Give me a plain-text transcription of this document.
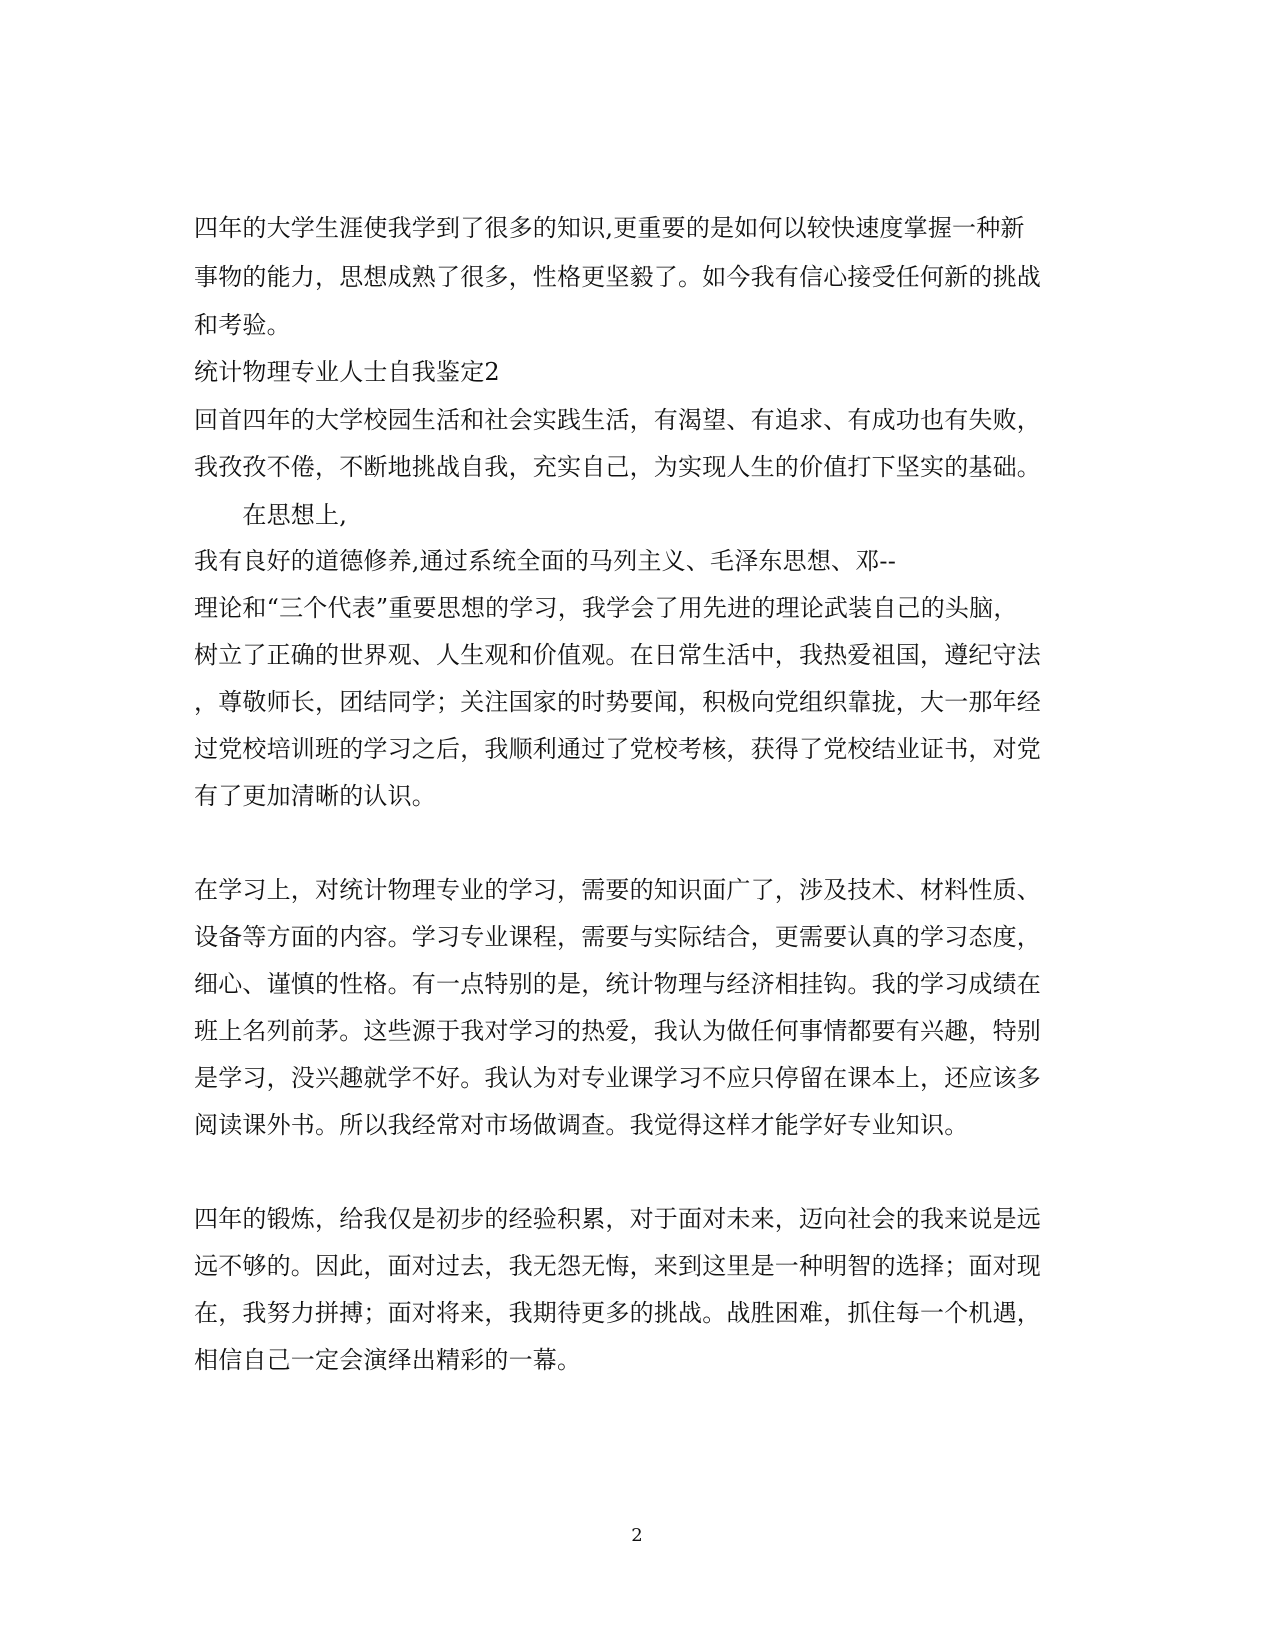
四年的大学生涯使我学到了很多的知识,更重要的是如何以较快速度掌握一种新
事物的能力，思想成熟了很多，性格更坚毅了。如今我有信心接受任何新的挑战
和考验。
统计物理专业人士自我鉴定2
回首四年的大学校园生活和社会实践生活，有渴望、有追求、有成功也有失败，
我孜孜不倦，不断地挑战自我，充实自己，为实现人生的价值打下坚实的基础。
　　在思想上,
我有良好的道德修养,通过系统全面的马列主义、毛泽东思想、邓--
理论和“三个代表”重要思想的学习，我学会了用先进的理论武装自己的头脑，
树立了正确的世界观、人生观和价值观。在日常生活中，我热爱祖国，遵纪守法
，尊敬师长，团结同学；关注国家的时势要闻，积极向党组织靠拢，大一那年经
过党校培训班的学习之后，我顺利通过了党校考核，获得了党校结业证书，对党
有了更加清晰的认识。
在学习上，对统计物理专业的学习，需要的知识面广了，涉及技术、材料性质、
设备等方面的内容。学习专业课程，需要与实际结合，更需要认真的学习态度，
细心、谨慎的性格。有一点特别的是，统计物理与经济相挂钩。我的学习成绩在
班上名列前茅。这些源于我对学习的热爱，我认为做任何事情都要有兴趣，特别
是学习，没兴趣就学不好。我认为对专业课学习不应只停留在课本上，还应该多
阅读课外书。所以我经常对市场做调查。我觉得这样才能学好专业知识。
四年的锻炼，给我仅是初步的经验积累，对于面对未来，迈向社会的我来说是远
远不够的。因此，面对过去，我无怨无悔，来到这里是一种明智的选择；面对现
在，我努力拼搏；面对将来，我期待更多的挑战。战胜困难，抓住每一个机遇，
相信自己一定会演绎出精彩的一幕。
2
